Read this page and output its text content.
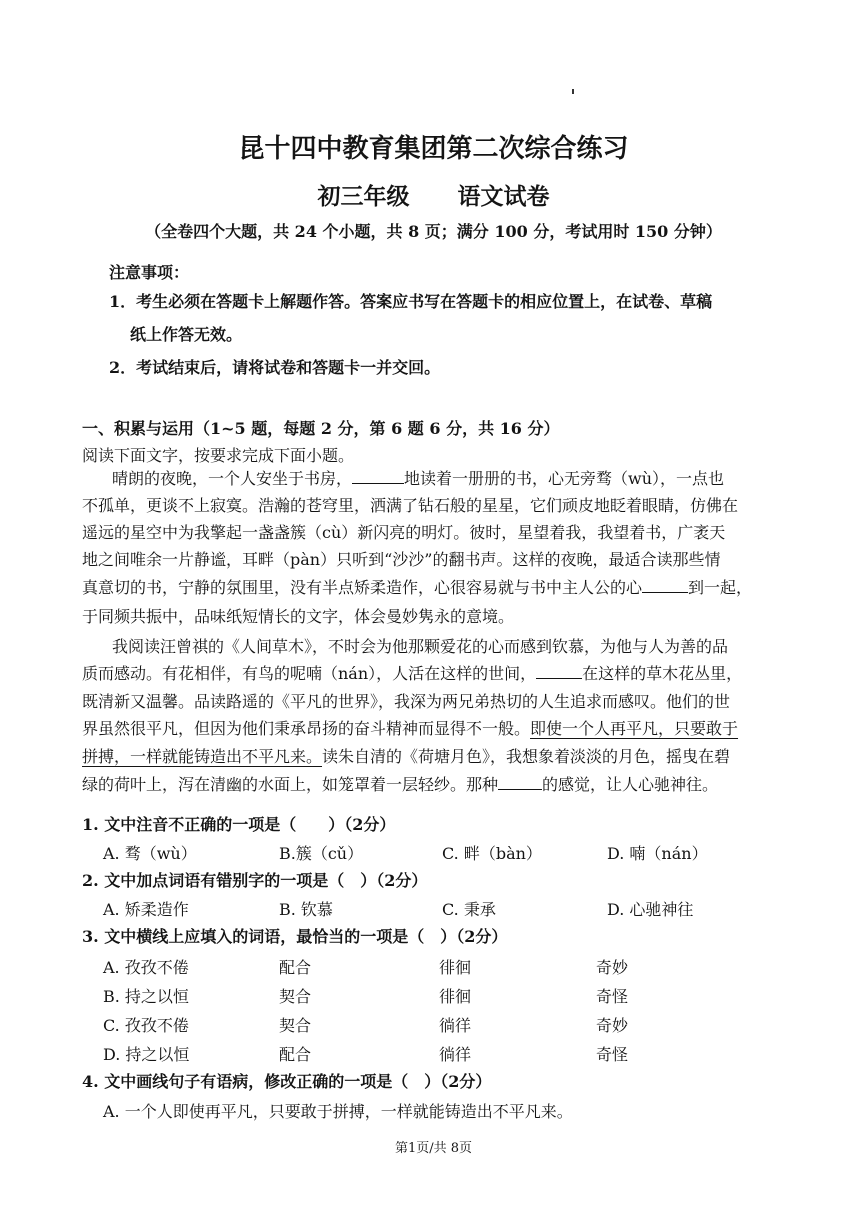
昆十四中教育集团第二次综合练习
初三年级 语文试卷
（全卷四个大题，共 24 个小题，共 8 页；满分 100 分，考试用时 150 分钟）
注意事项：
1．考生必须在答题卡上解题作答。答案应书写在答题卡的相应位置上，在试卷、草稿
纸上作答无效。
2．考试结束后，请将试卷和答题卡一并交回。
一、积累与运用（1~5 题，每题 2 分，第 6 题 6 分，共 16 分）
阅读下面文字，按要求完成下面小题。
晴朗的夜晚，一个人安坐于书房，	地读着一册册的书，心无旁骛（wù），一点也
不孤单，更谈不上寂寞。浩瀚的苍穹里，洒满了钻石般的星星，它们顽皮地眨着眼睛，仿佛在
遥远的星空中为我擎起一盏盏簇（cù）新闪亮的明灯。彼时，星望着我，我望着书，广袤天
地之间唯余一片静谧，耳畔（pàn）只听到“沙沙”的翻书声。这样的夜晚，最适合读那些情
真意切的书，宁静的氛围里，没有半点矫柔造作，心很容易就与书中主人公的心	到一起，
于同频共振中，品味纸短情长的文字，体会曼妙隽永的意境。
我阅读汪曾祺的《人间草木》，不时会为他那颗爱花的心而感到钦慕，为他与人为善的品
质而感动。有花相伴，有鸟的呢喃（nán），人活在这样的世间，	在这样的草木花丛里，
既清新又温馨。品读路遥的《平凡的世界》，我深为两兄弟热切的人生追求而感叹。他们的世
界虽然很平凡，但因为他们秉承昂扬的奋斗精神而显得不一般。即使一个人再平凡，只要敢于
拼搏，一样就能铸造出不平凡来。读朱自清的《荷塘月色》，我想象着淡淡的月色，摇曳在碧
绿的荷叶上，泻在清幽的水面上，如笼罩着一层轻纱。那种	的感觉，让人心驰神往。
1. 文中注音不正确的一项是（　　）（2分）
A. 骛（wù）	B.簇（cǔ）	C. 畔（bàn）	D. 喃（nán）
2. 文中加点词语有错别字的一项是（　）（2分）
A. 矫柔造作	B. 钦慕	C. 秉承	D. 心驰神往
3. 文中横线上应填入的词语，最恰当的一项是（　）（2分）
A. 孜孜不倦	配合	徘徊	奇妙
B. 持之以恒	契合	徘徊	奇怪
C. 孜孜不倦	契合	徜徉	奇妙
D. 持之以恒	配合	徜徉	奇怪
4. 文中画线句子有语病，修改正确的一项是（　）（2分）
A. 一个人即使再平凡，只要敢于拼搏，一样就能铸造出不平凡来。
第1页/共 8页
